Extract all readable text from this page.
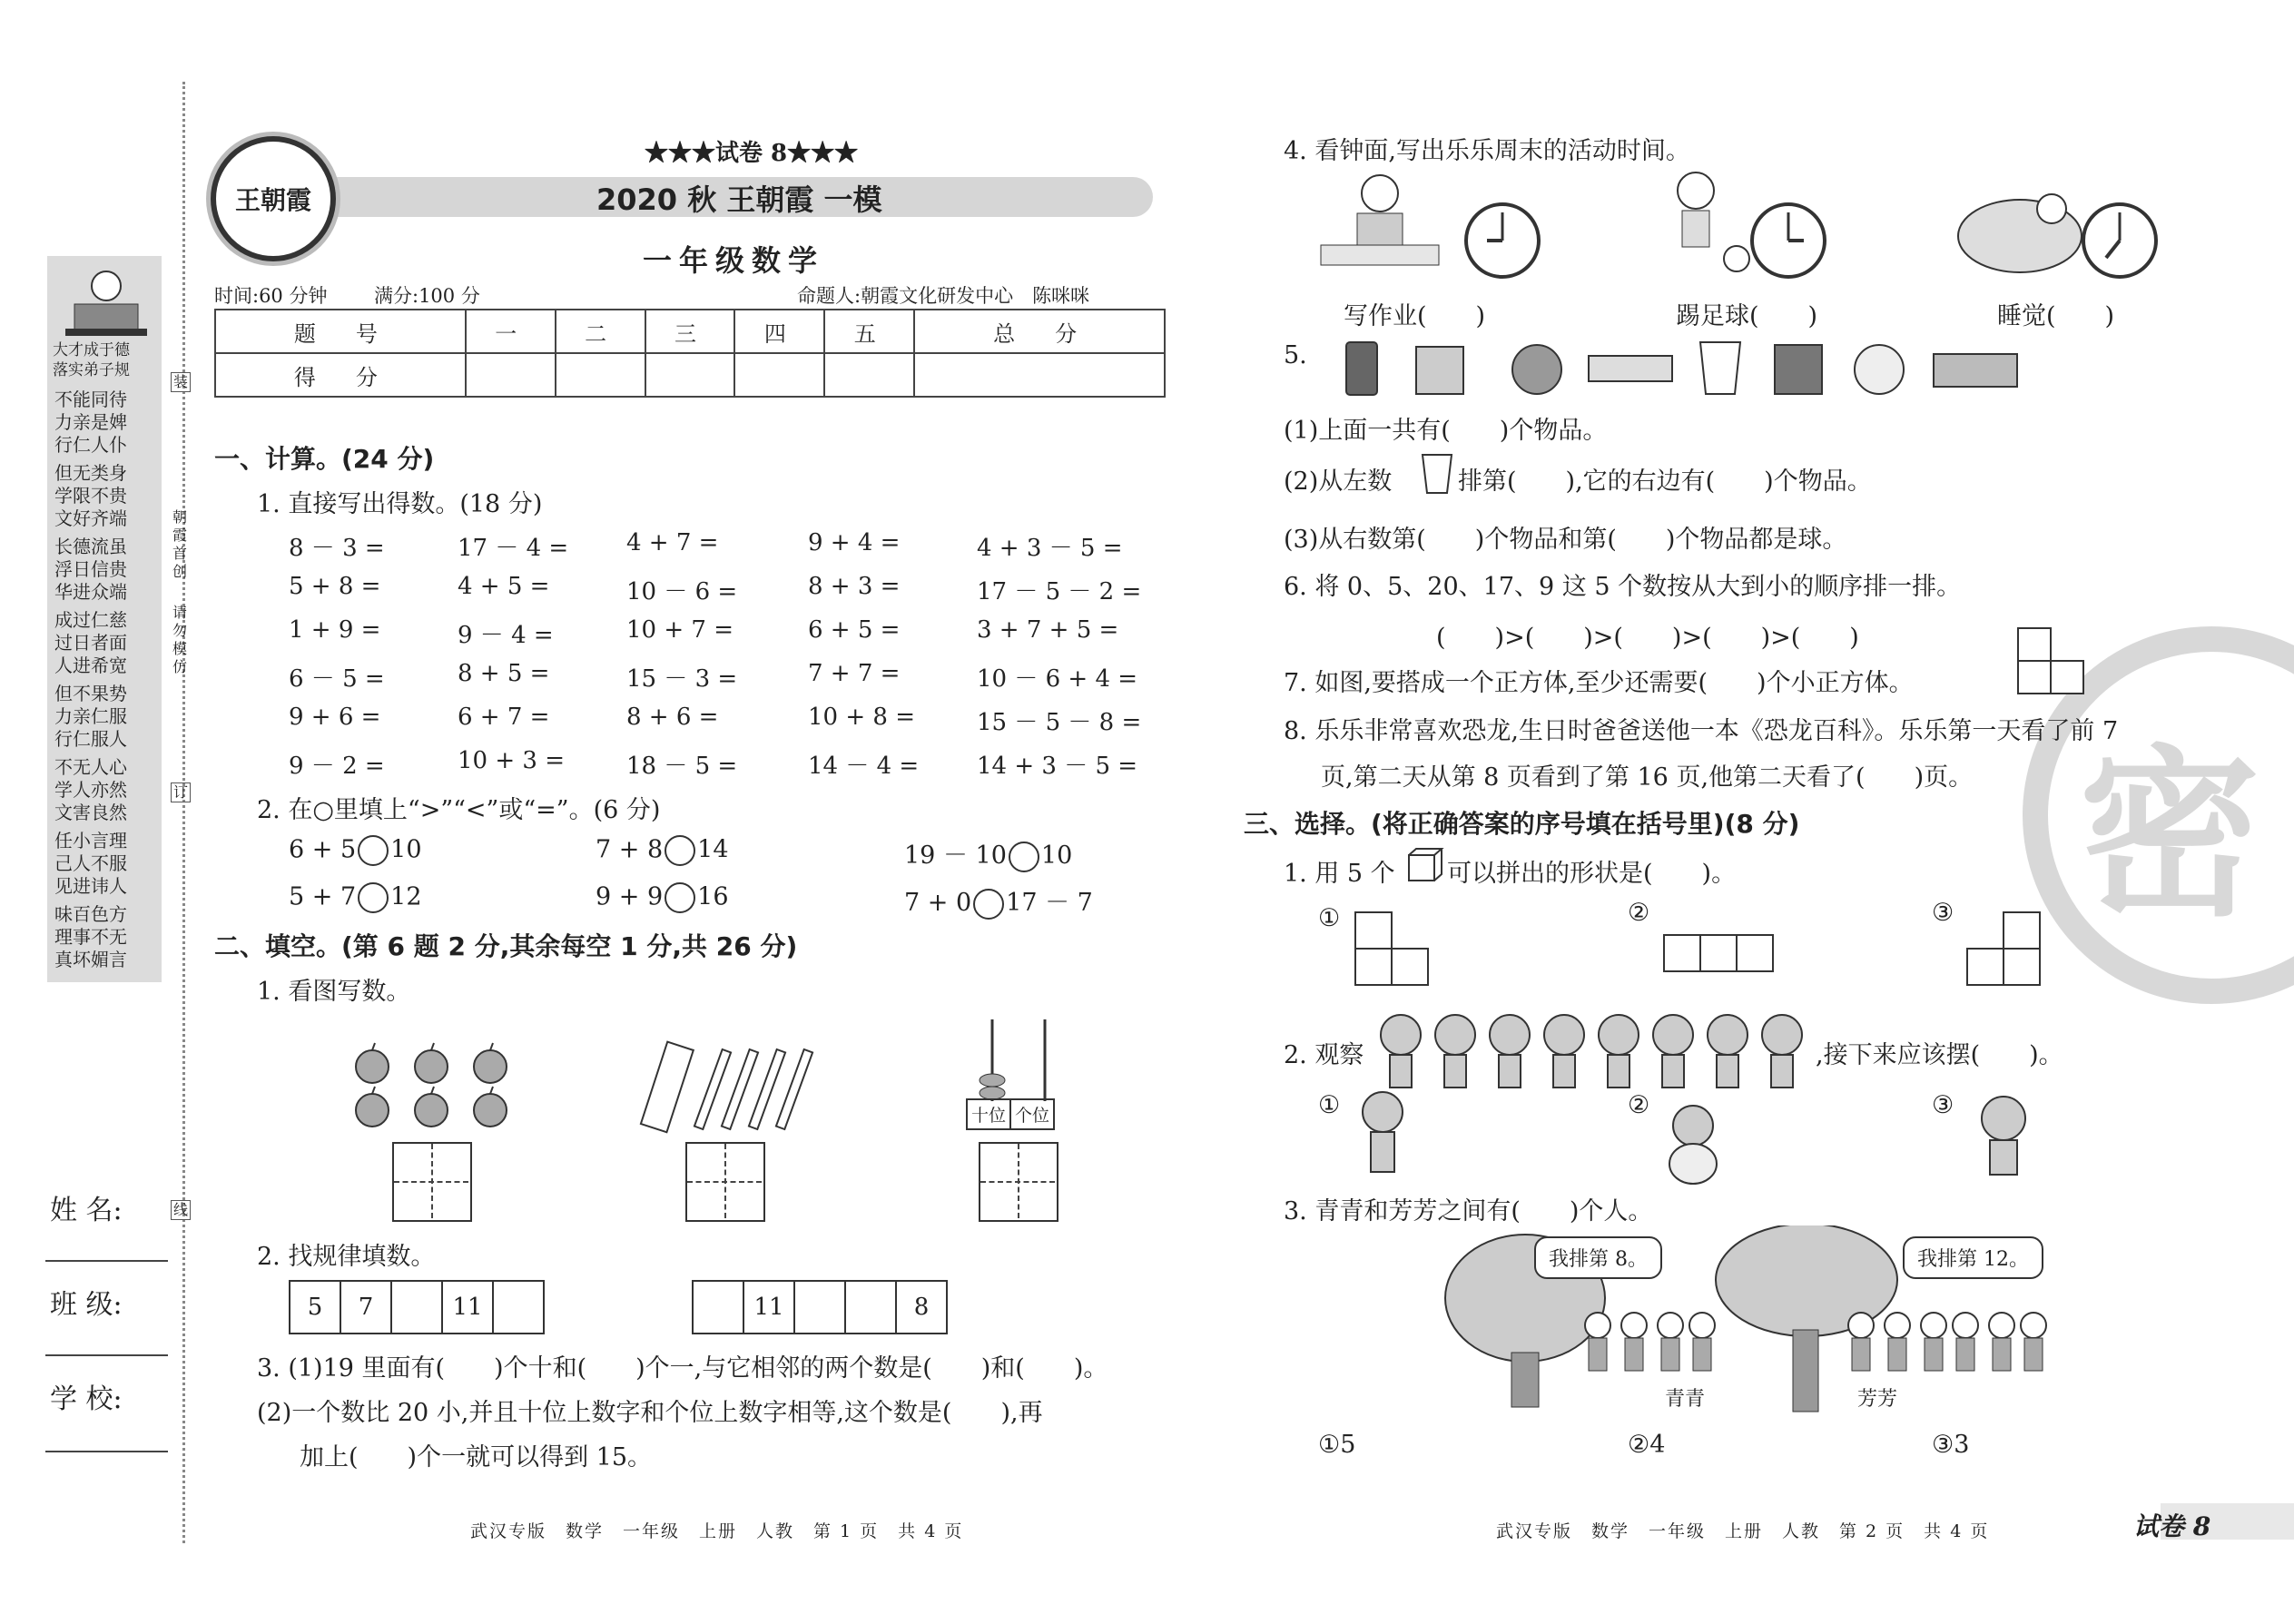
大才成于德
落实弟子规
不能同待
力亲是婢
行仁人仆
但无类身
学限不贵
文好齐端
长德流虽
浮日信贵
华进众端
成过仁慈
过日者面
人进希宽
但不果势
力亲仁服
行仁服人
不无人心
学人亦然
文害良然
任小言理
己人不服
见进讳人
味百色方
理事不无
真坏媚言
朝霞首创
请勿模仿
装
订
线
姓 名:
班 级:
学 校:
王朝霞
★★★试卷 8★★★
2020 秋 王朝霞 一模
一年级数学
时间:60 分钟 满分:100 分	命题人:朝霞文化研发中心　陈咪咪
题　号	一	二	三	四	五	总　分
得　分						
一、计算。(24 分)
1. 直接写出得数。(18 分)
8 － 3 =	17 － 4 =	4 + 7 =	9 + 4 =	4 + 3 － 5 =
5 + 8 =	4 + 5 =	10 － 6 =	8 + 3 =	17 － 5 － 2 =
1 + 9 =	9 － 4 =	10 + 7 =	6 + 5 =	3 + 7 + 5 =
6 － 5 =	8 + 5 =	15 － 3 =	7 + 7 =	10 － 6 + 4 =
9 + 6 =	6 + 7 =	8 + 6 =	10 + 8 =	15 － 5 － 8 =
9 － 2 =	10 + 3 =	18 － 5 =	14 － 4 =	14 + 3 － 5 =
2. 在○里填上“>”“<”或“=”。(6 分)
6 + 5 10	7 + 8 14	19 － 10 10
5 + 7 12	9 + 9 16	7 + 0 17 － 7
二、填空。(第 6 题 2 分,其余每空 1 分,共 26 分)
1. 看图写数。
十位 个位
2. 找规律填数。
5	7		11	
		11			8
3. (1)19 里面有(　　)个十和(　　)个一,与它相邻的两个数是(　　)和(　　)。
(2)一个数比 20 小,并且十位上数字和个位上数字相等,这个数是(　　),再
加上(　　)个一就可以得到 15。
武汉专版　数学　一年级　上册　人教　第 1 页　共 4 页
密
4. 看钟面,写出乐乐周末的活动时间。
写作业(　　)	踢足球(　　)	睡觉(　　)
5.
(1)上面一共有(　　)个物品。
(2)从左数	排第(　　),它的右边有(　　)个物品。
(3)从右数第(　　)个物品和第(　　)个物品都是球。
6. 将 0、5、20、17、9 这 5 个数按从大到小的顺序排一排。
(　　)>(　　)>(　　)>(　　)>(　　)
7. 如图,要搭成一个正方体,至少还需要(　　)个小正方体。
8. 乐乐非常喜欢恐龙,生日时爸爸送他一本《恐龙百科》。乐乐第一天看了前 7
页,第二天从第 8 页看到了第 16 页,他第二天看了(　　)页。
三、选择。(将正确答案的序号填在括号里)(8 分)
1. 用 5 个 可以拼出的形状是(　　)。
①	②	③
2. 观察	,接下来应该摆(　　)。
①	②	③
3. 青青和芳芳之间有(　　)个人。
我排第 8。	我排第 12。
青青	芳芳
①5	②4	③3
武汉专版　数学　一年级　上册　人教　第 2 页　共 4 页	试卷 8
